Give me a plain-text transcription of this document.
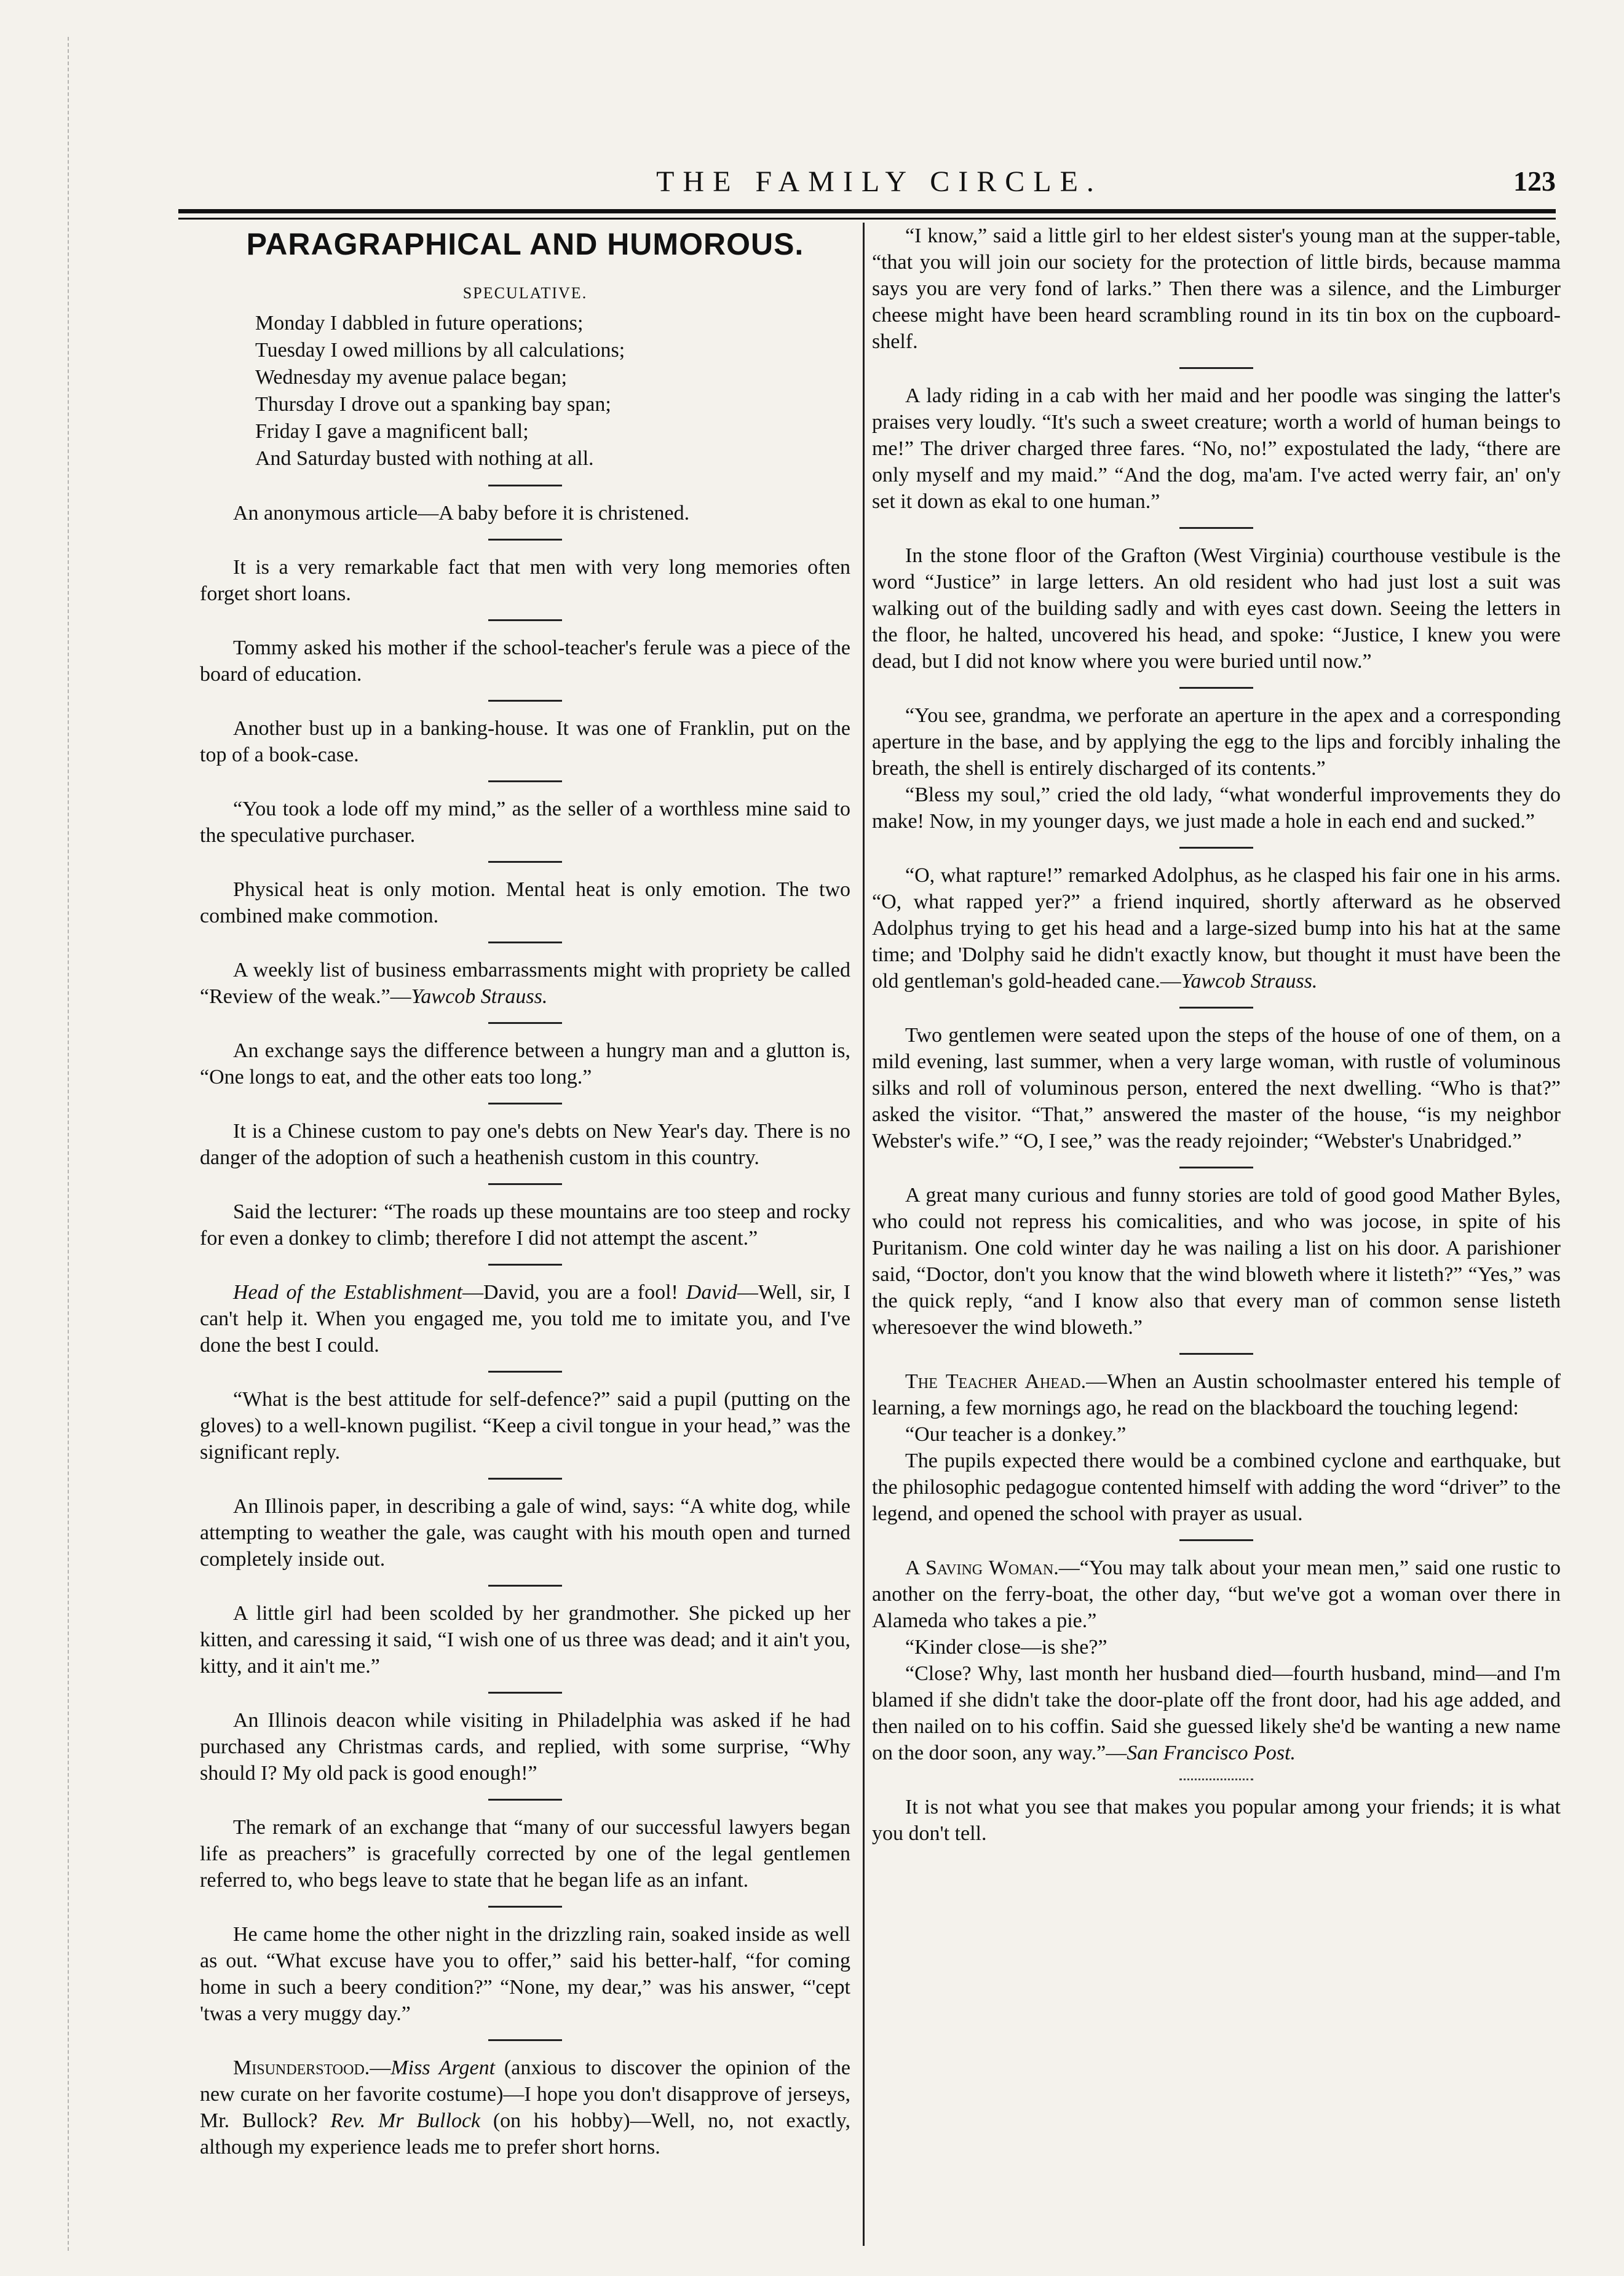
THE FAMILY CIRCLE.	123
PARAGRAPHICAL AND HUMOROUS.
SPECULATIVE.
Monday I dabbled in future operations;
Tuesday I owed millions by all calculations;
Wednesday my avenue palace began;
Thursday I drove out a spanking bay span;
Friday I gave a magnificent ball;
And Saturday busted with nothing at all.
An anonymous article—A baby before it is christened.
It is a very remarkable fact that men with very long memories often forget short loans.
Tommy asked his mother if the school-teacher's ferule was a piece of the board of education.
Another bust up in a banking-house. It was one of Franklin, put on the top of a book-case.
“You took a lode off my mind,” as the seller of a worthless mine said to the speculative purchaser.
Physical heat is only motion. Mental heat is only emotion. The two combined make commotion.
A weekly list of business embarrassments might with propriety be called “Review of the weak.”—Yawcob Strauss.
An exchange says the difference between a hungry man and a glutton is, “One longs to eat, and the other eats too long.”
It is a Chinese custom to pay one's debts on New Year's day. There is no danger of the adoption of such a heathenish custom in this country.
Said the lecturer: “The roads up these mountains are too steep and rocky for even a donkey to climb; therefore I did not attempt the ascent.”
Head of the Establishment—David, you are a fool! David—Well, sir, I can't help it. When you engaged me, you told me to imitate you, and I've done the best I could.
“What is the best attitude for self-defence?” said a pupil (putting on the gloves) to a well-known pugilist. “Keep a civil tongue in your head,” was the significant reply.
An Illinois paper, in describing a gale of wind, says: “A white dog, while attempting to weather the gale, was caught with his mouth open and turned completely inside out.
A little girl had been scolded by her grandmother. She picked up her kitten, and caressing it said, “I wish one of us three was dead; and it ain't you, kitty, and it ain't me.”
An Illinois deacon while visiting in Philadelphia was asked if he had purchased any Christmas cards, and replied, with some surprise, “Why should I? My old pack is good enough!”
The remark of an exchange that “many of our successful lawyers began life as preachers” is gracefully corrected by one of the legal gentlemen referred to, who begs leave to state that he began life as an infant.
He came home the other night in the drizzling rain, soaked inside as well as out. “What excuse have you to offer,” said his better-half, “for coming home in such a beery condition?” “None, my dear,” was his answer, “'cept 'twas a very muggy day.”
Misunderstood.—Miss Argent (anxious to discover the opinion of the new curate on her favorite costume)—I hope you don't disapprove of jerseys, Mr. Bullock? Rev. Mr Bullock (on his hobby)—Well, no, not exactly, although my experience leads me to prefer short horns.
“I know,” said a little girl to her eldest sister's young man at the supper-table, “that you will join our society for the protection of little birds, because mamma says you are very fond of larks.” Then there was a silence, and the Limburger cheese might have been heard scrambling round in its tin box on the cupboard-shelf.
A lady riding in a cab with her maid and her poodle was singing the latter's praises very loudly. “It's such a sweet creature; worth a world of human beings to me!” The driver charged three fares. “No, no!” expostulated the lady, “there are only myself and my maid.” “And the dog, ma'am. I've acted werry fair, an' on'y set it down as ekal to one human.”
In the stone floor of the Grafton (West Virginia) courthouse vestibule is the word “Justice” in large letters. An old resident who had just lost a suit was walking out of the building sadly and with eyes cast down. Seeing the letters in the floor, he halted, uncovered his head, and spoke: “Justice, I knew you were dead, but I did not know where you were buried until now.”

“You see, grandma, we perforate an aperture in the apex and a corresponding aperture in the base, and by applying the egg to the lips and forcibly inhaling the breath, the shell is entirely discharged of its contents.”

“Bless my soul,” cried the old lady, “what wonderful improvements they do make! Now, in my younger days, we just made a hole in each end and sucked.”

“O, what rapture!” remarked Adolphus, as he clasped his fair one in his arms. “O, what rapped yer?” a friend inquired, shortly afterward as he observed Adolphus trying to get his head and a large-sized bump into his hat at the same time; and 'Dolphy said he didn't exactly know, but thought it must have been the old gentleman's gold-headed cane.—Yawcob Strauss.
Two gentlemen were seated upon the steps of the house of one of them, on a mild evening, last summer, when a very large woman, with rustle of voluminous silks and roll of voluminous person, entered the next dwelling. “Who is that?” asked the visitor. “That,” answered the master of the house, “is my neighbor Webster's wife.” “O, I see,” was the ready rejoinder; “Webster's Unabridged.”
A great many curious and funny stories are told of good good Mather Byles, who could not repress his comicalities, and who was jocose, in spite of his Puritanism. One cold winter day he was nailing a list on his door. A parishioner said, “Doctor, don't you know that the wind bloweth where it listeth?” “Yes,” was the quick reply, “and I know also that every man of common sense listeth wheresoever the wind bloweth.”

The Teacher Ahead.—When an Austin schoolmaster entered his temple of learning, a few mornings ago, he read on the blackboard the touching legend:

“Our teacher is a donkey.”

The pupils expected there would be a combined cyclone and earthquake, but the philosophic pedagogue contented himself with adding the word “driver” to the legend, and opened the school with prayer as usual.

A Saving Woman.—“You may talk about your mean men,” said one rustic to another on the ferry-boat, the other day, “but we've got a woman over there in Alameda who takes a pie.”

“Kinder close—is she?”

“Close? Why, last month her husband died—fourth husband, mind—and I'm blamed if she didn't take the door-plate off the front door, had his age added, and then nailed on to his coffin. Said she guessed likely she'd be wanting a new name on the door soon, any way.”—San Francisco Post.

It is not what you see that makes you popular among your friends; it is what you don't tell.
